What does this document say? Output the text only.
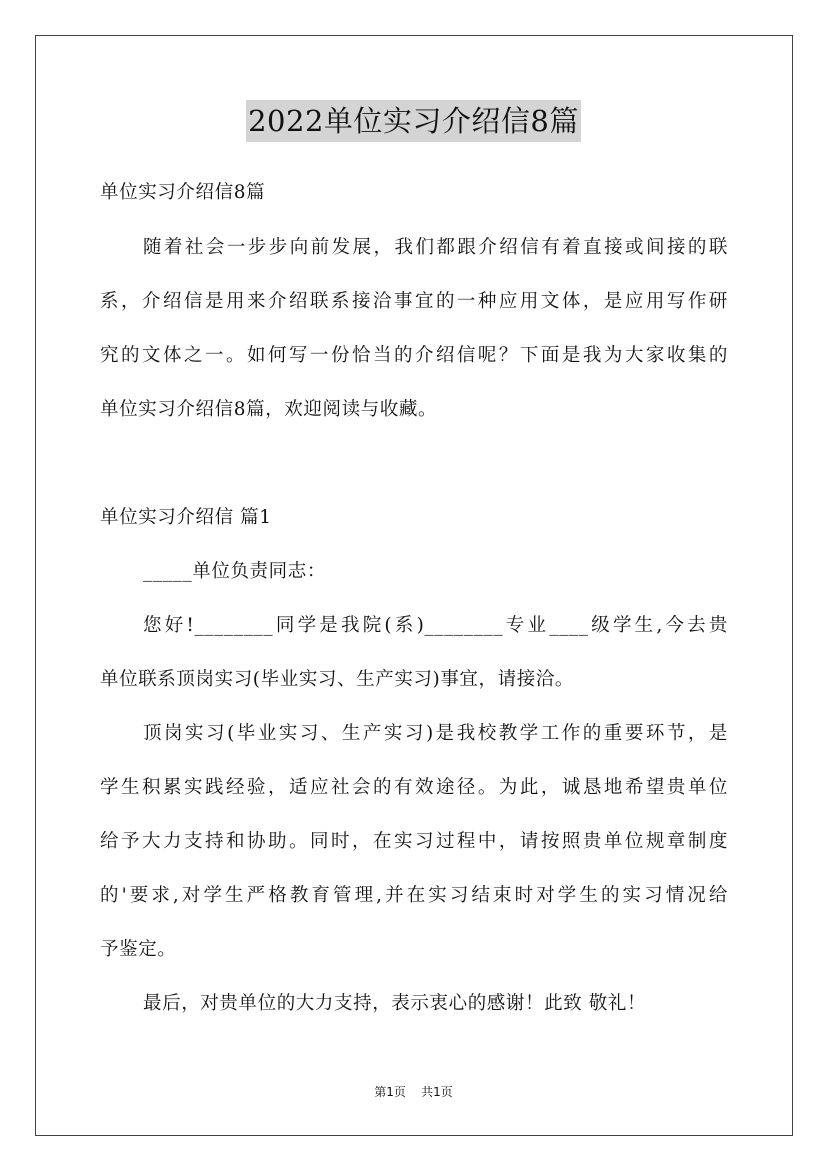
2022单位实习介绍信8篇
单位实习介绍信8篇
随着社会一步步向前发展，我们都跟介绍信有着直接或间接的联
系，介绍信是用来介绍联系接洽事宜的一种应用文体，是应用写作研
究的文体之一。如何写一份恰当的介绍信呢？下面是我为大家收集的
单位实习介绍信8篇，欢迎阅读与收藏。
单位实习介绍信 篇1
_____单位负责同志：
您好!________同学是我院(系)________专业____级学生,今去贵
单位联系顶岗实习(毕业实习、生产实习)事宜，请接洽。
顶岗实习(毕业实习、生产实习)是我校教学工作的重要环节，是
学生积累实践经验，适应社会的有效途径。为此，诚恳地希望贵单位
给予大力支持和协助。同时，在实习过程中，请按照贵单位规章制度
的'要求,对学生严格教育管理,并在实习结束时对学生的实习情况给
予鉴定。
最后，对贵单位的大力支持，表示衷心的感谢！此致 敬礼！
第1页 共1页
